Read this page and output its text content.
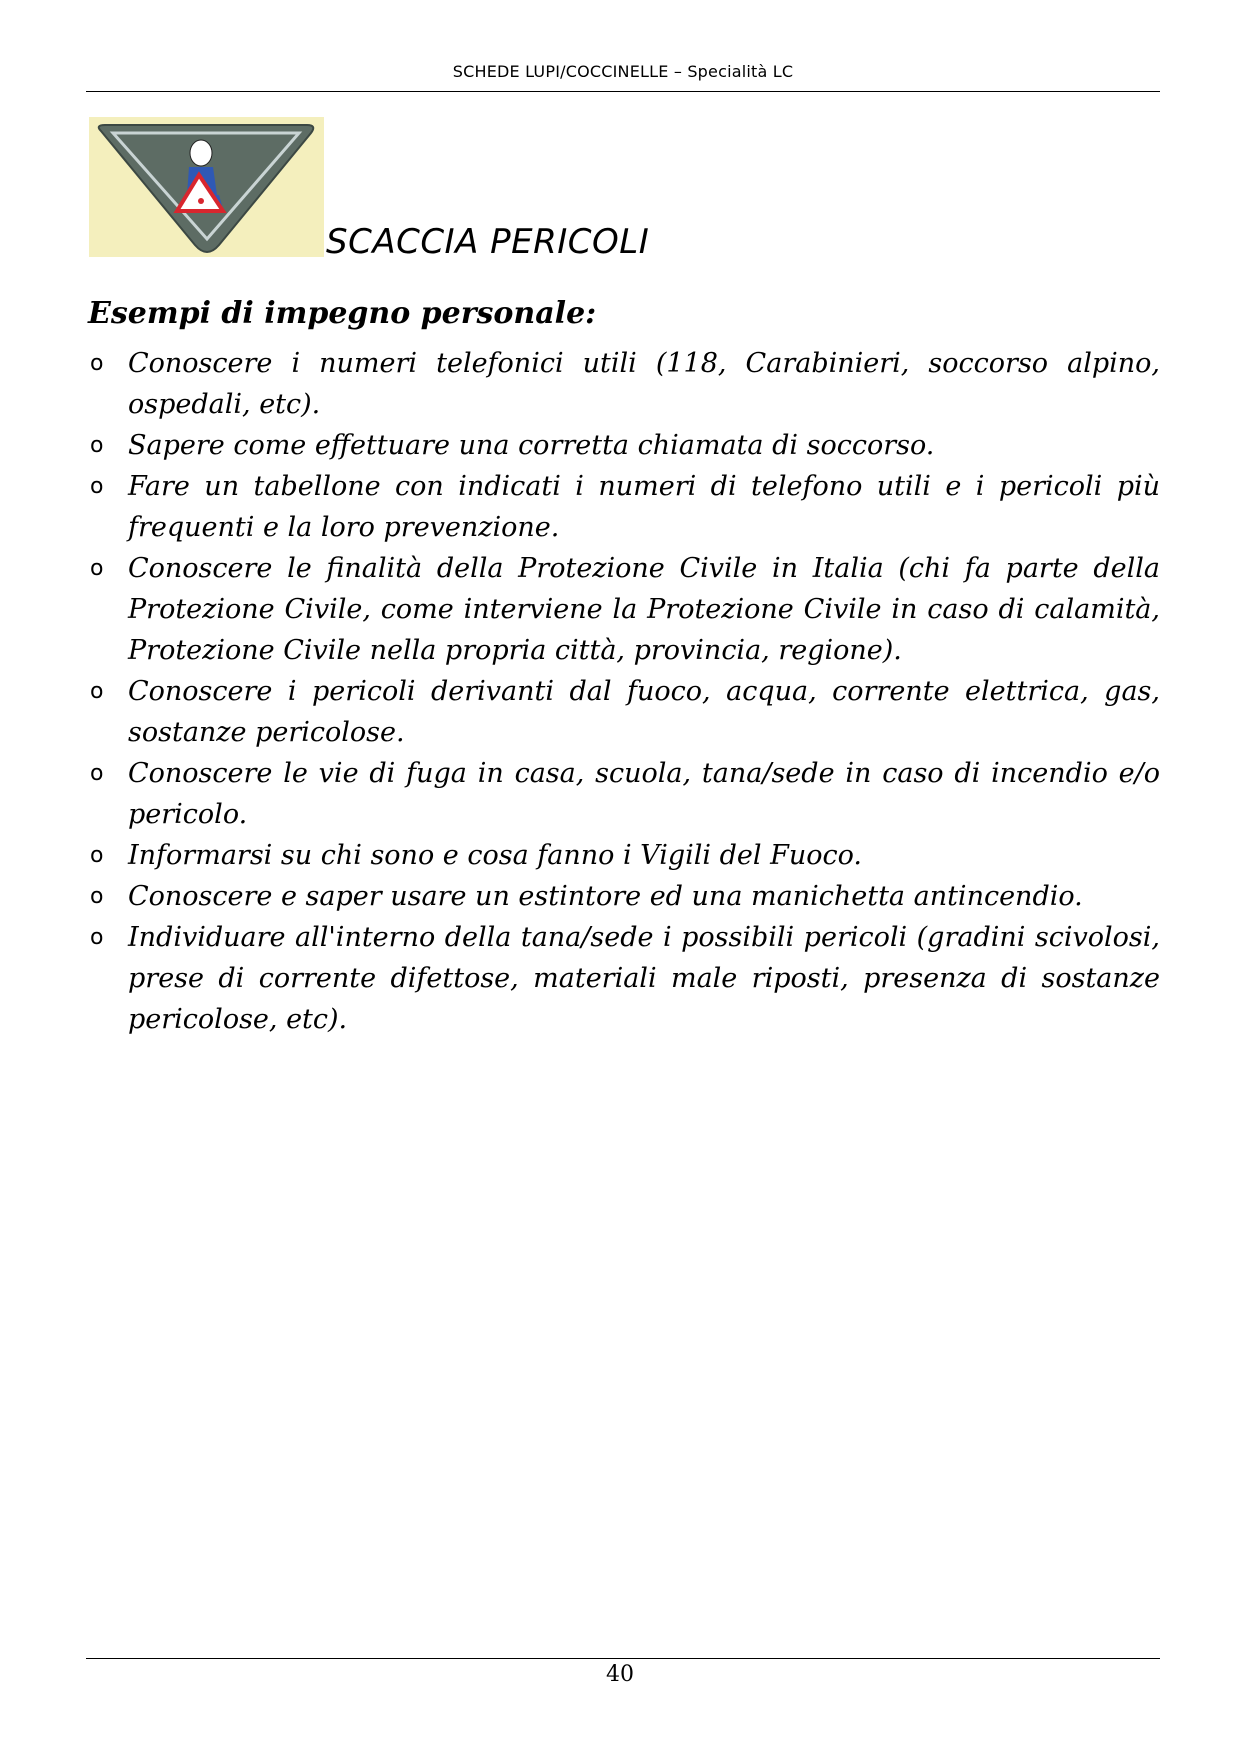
SCHEDE LUPI/COCCINELLE – Specialità LC
SCACCIA PERICOLI
Esempi di impegno personale:
o Conoscere i numeri telefonici utili (118, Carabinieri, soccorso alpino, ospedali, etc).
o Sapere come effettuare una corretta chiamata di soccorso.
o Fare un tabellone con indicati i numeri di telefono utili e i pericoli più frequenti e la loro prevenzione.
o Conoscere le finalità della Protezione Civile in Italia (chi fa parte della Protezione Civile, come interviene la Protezione Civile in caso di calamità, Protezione Civile nella propria città, provincia, regione).
o Conoscere i pericoli derivanti dal fuoco, acqua, corrente elettrica, gas, sostanze pericolose.
o Conoscere le vie di fuga in casa, scuola, tana/sede in caso di incendio e/o pericolo.
o Informarsi su chi sono e cosa fanno i Vigili del Fuoco.
o Conoscere e saper usare un estintore ed una manichetta antincendio.
o Individuare all'interno della tana/sede i possibili pericoli (gradini scivolosi, prese di corrente difettose, materiali male riposti, presenza di sostanze pericolose, etc).
40
